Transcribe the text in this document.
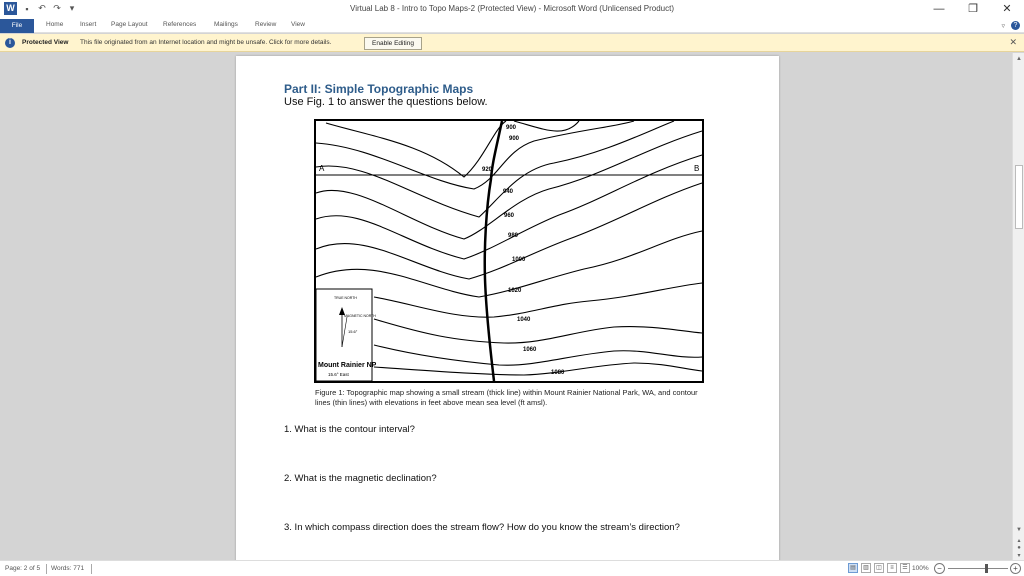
W	▪	↶ ↷ ▾	Virtual Lab 8 - Intro to Topo Maps-2 (Protected View) - Microsoft Word (Unlicensed Product)	—	❐	✕
File	Home	Insert Page Layout References	Mailings	Review View	▿	?
i	Protected View This file originated from an Internet location and might be unsafe. Click for more details.	Enable Editing	✕
Part II: Simple Topographic Maps
Use Fig. 1 to answer the questions below.
A	B
900
900
920
940
960
980
1000
1020
1040
1060
1080
TRUE NORTH
MAGNETIC NORTH
15.6°
Mount Rainier NP
15.6° East
Figure 1: Topographic map showing a small stream (thick line) within Mount Rainier National Park, WA, and contour lines (thin lines) with elevations in feet above mean sea level (ft amsl).
1. What is the contour interval?
2. What is the magnetic declination?
3. In which compass direction does the stream flow? How do you know the stream’s direction?
▲
▼
▴
●
▾
Page: 2 of 5 Words: 771	▤	▥	◫	≡	☰ 100%	−	+
